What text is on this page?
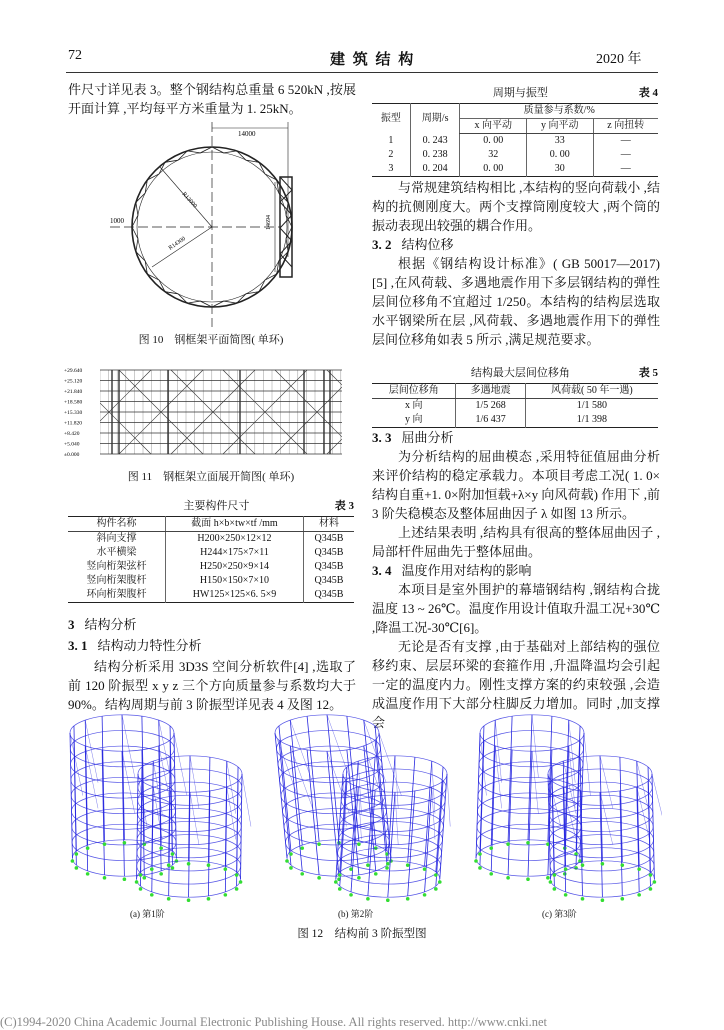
72	建 筑 结 构	2020 年

件尺寸详见表 3。整个钢结构总重量 6 520kN ,按展开面计算 ,平均每平方米重量为 1. 25kN。

14000
1000
R13000
R14300
14694
图 10　钢框架平面简图( 单环)
+29.640
+25.120
+21.840
+18.580
+15.330
+11.820
+8.420
+5.040
±0.000
图 11　钢框架立面展开简图( 单环)
主要构件尺寸	表 3
构件名称	截面 h×b×tw×tf /mm	材料
斜向支撑	H200×250×12×12	Q345B
水平横梁	H244×175×7×11	Q345B
竖向桁架弦杆	H250×250×9×14	Q345B
竖向桁架腹杆	H150×150×7×10	Q345B
环向桁架腹杆	HW125×125×6. 5×9	Q345B
3 结构分析
3. 1 结构动力特性分析

结构分析采用 3D3S 空间分析软件[4] ,选取了前 120 阶振型 x y z 三个方向质量参与系数均大于 90%。结构周期与前 3 阶振型详见表 4 及图 12。

周期与振型	表 4
振型	周期/s	质量参与系数/%		
		x 向平动	y 向平动	z 向扭转
1	0. 243	0. 00	33	—
2	0. 238	32	0. 00	—
3	0. 204	0. 00	30	—

与常规建筑结构相比 ,本结构的竖向荷载小 ,结构的抗侧刚度大。两个支撑筒刚度较大 ,两个筒的振动表现出较强的耦合作用。

3. 2 结构位移

根据《钢结构设计标准》( GB 50017—2017) [5] ,在风荷载、多遇地震作用下多层钢结构的弹性层间位移角不宜超过 1/250。本结构的结构层选取水平钢梁所在层 ,风荷载、多遇地震作用下的弹性层间位移角如表 5 所示 ,满足规范要求。

结构最大层间位移角	表 5
层间位移角	多遇地震	风荷载( 50 年一遇)
x 向	1/5 268	1/1 580
y 向	1/6 437	1/1 398
3. 3 屈曲分析

为分析结构的屈曲模态 ,采用特征值屈曲分析来评价结构的稳定承载力。本项目考虑工况( 1. 0×结构自重+1. 0×附加恒载+λ×y 向风荷载) 作用下 ,前 3 阶失稳模态及整体屈曲因子 λ 如图 13 所示。

上述结果表明 ,结构具有很高的整体屈曲因子 ,局部杆件屈曲先于整体屈曲。

3. 4 温度作用对结构的影响

本项目是室外围护的幕墙钢结构 ,钢结构合拢温度 13 ~ 26℃。温度作用设计值取升温工况+30℃ ,降温工况-30℃[6]。

无论是否有支撑 ,由于基础对上部结构的强位移约束、层层环梁的套箍作用 ,升温降温均会引起一定的温度内力。刚性支撑方案的约束较强 ,会造成温度作用下大部分柱脚反力增加。同时 ,加支撑会

(a) 第1阶	(b) 第2阶	(c) 第3阶
图 12　结构前 3 阶振型图
(C)1994-2020 China Academic Journal Electronic Publishing House. All rights reserved. http://www.cnki.net
